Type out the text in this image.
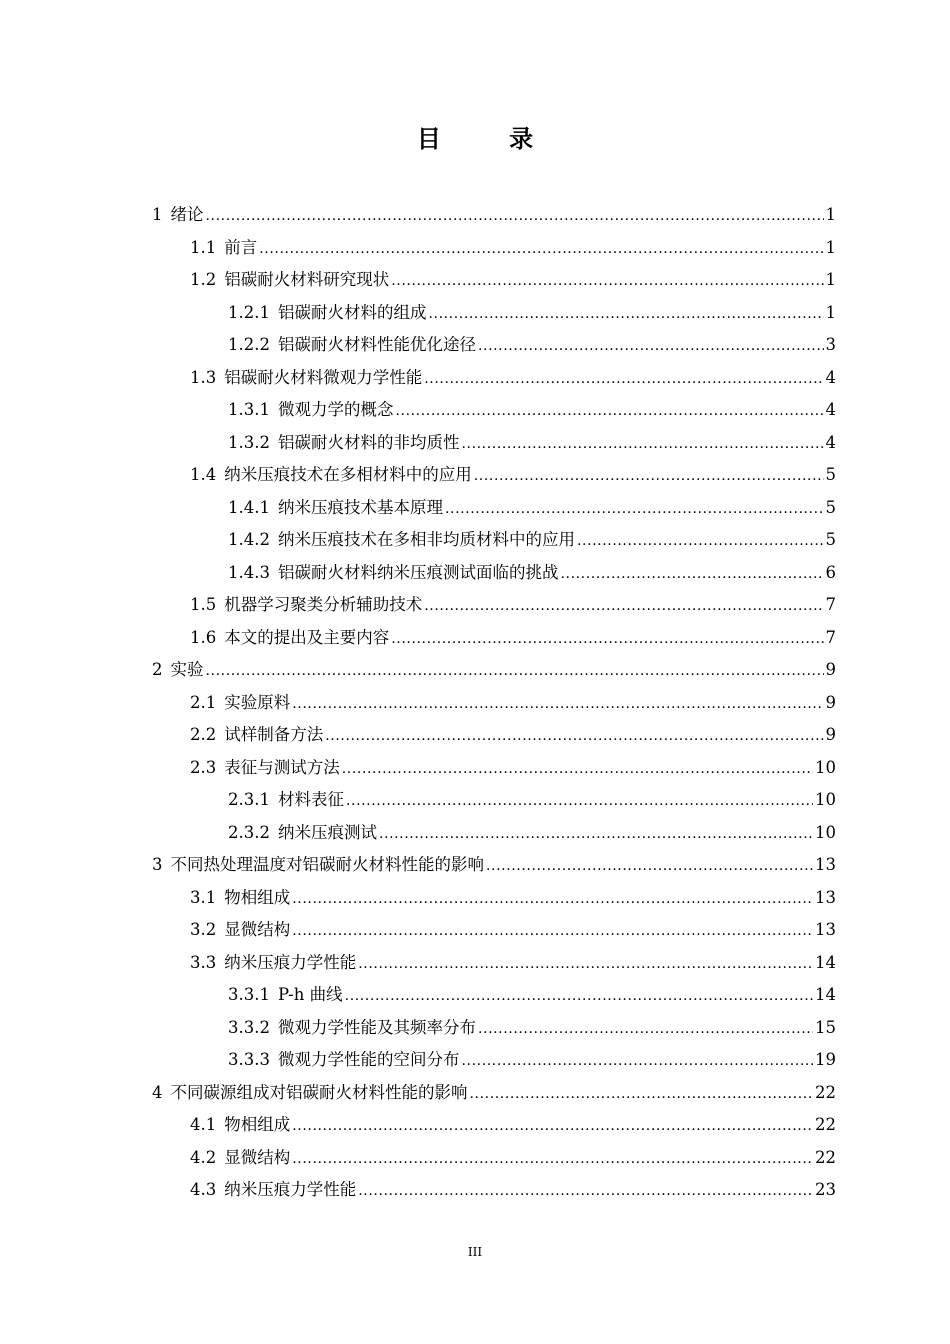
目 录
1 绪论 .....	1
1.1 前言 .....	1
1.2 铝碳耐火材料研究现状 .....	1
1.2.1 铝碳耐火材料的组成 .....	1
1.2.2 铝碳耐火材料性能优化途径 .....	3
1.3 铝碳耐火材料微观力学性能 .....	4
1.3.1 微观力学的概念 .....	4
1.3.2 铝碳耐火材料的非均质性 .....	4
1.4 纳米压痕技术在多相材料中的应用 .....	5
1.4.1 纳米压痕技术基本原理 .....	5
1.4.2 纳米压痕技术在多相非均质材料中的应用 .....	5
1.4.3 铝碳耐火材料纳米压痕测试面临的挑战 .....	6
1.5 机器学习聚类分析辅助技术 .....	7
1.6 本文的提出及主要内容 .....	7
2 实验 .....	9
2.1 实验原料 .....	9
2.2 试样制备方法 .....	9
2.3 表征与测试方法 .....	10
2.3.1 材料表征 .....	10
2.3.2 纳米压痕测试 .....	10
3 不同热处理温度对铝碳耐火材料性能的影响 .....	13
3.1 物相组成 .....	13
3.2 显微结构 .....	13
3.3 纳米压痕力学性能 .....	14
3.3.1 P-h 曲线 .....	14
3.3.2 微观力学性能及其频率分布 .....	15
3.3.3 微观力学性能的空间分布 .....	19
4 不同碳源组成对铝碳耐火材料性能的影响 .....	22
4.1 物相组成 .....	22
4.2 显微结构 .....	22
4.3 纳米压痕力学性能 .....	23
III
